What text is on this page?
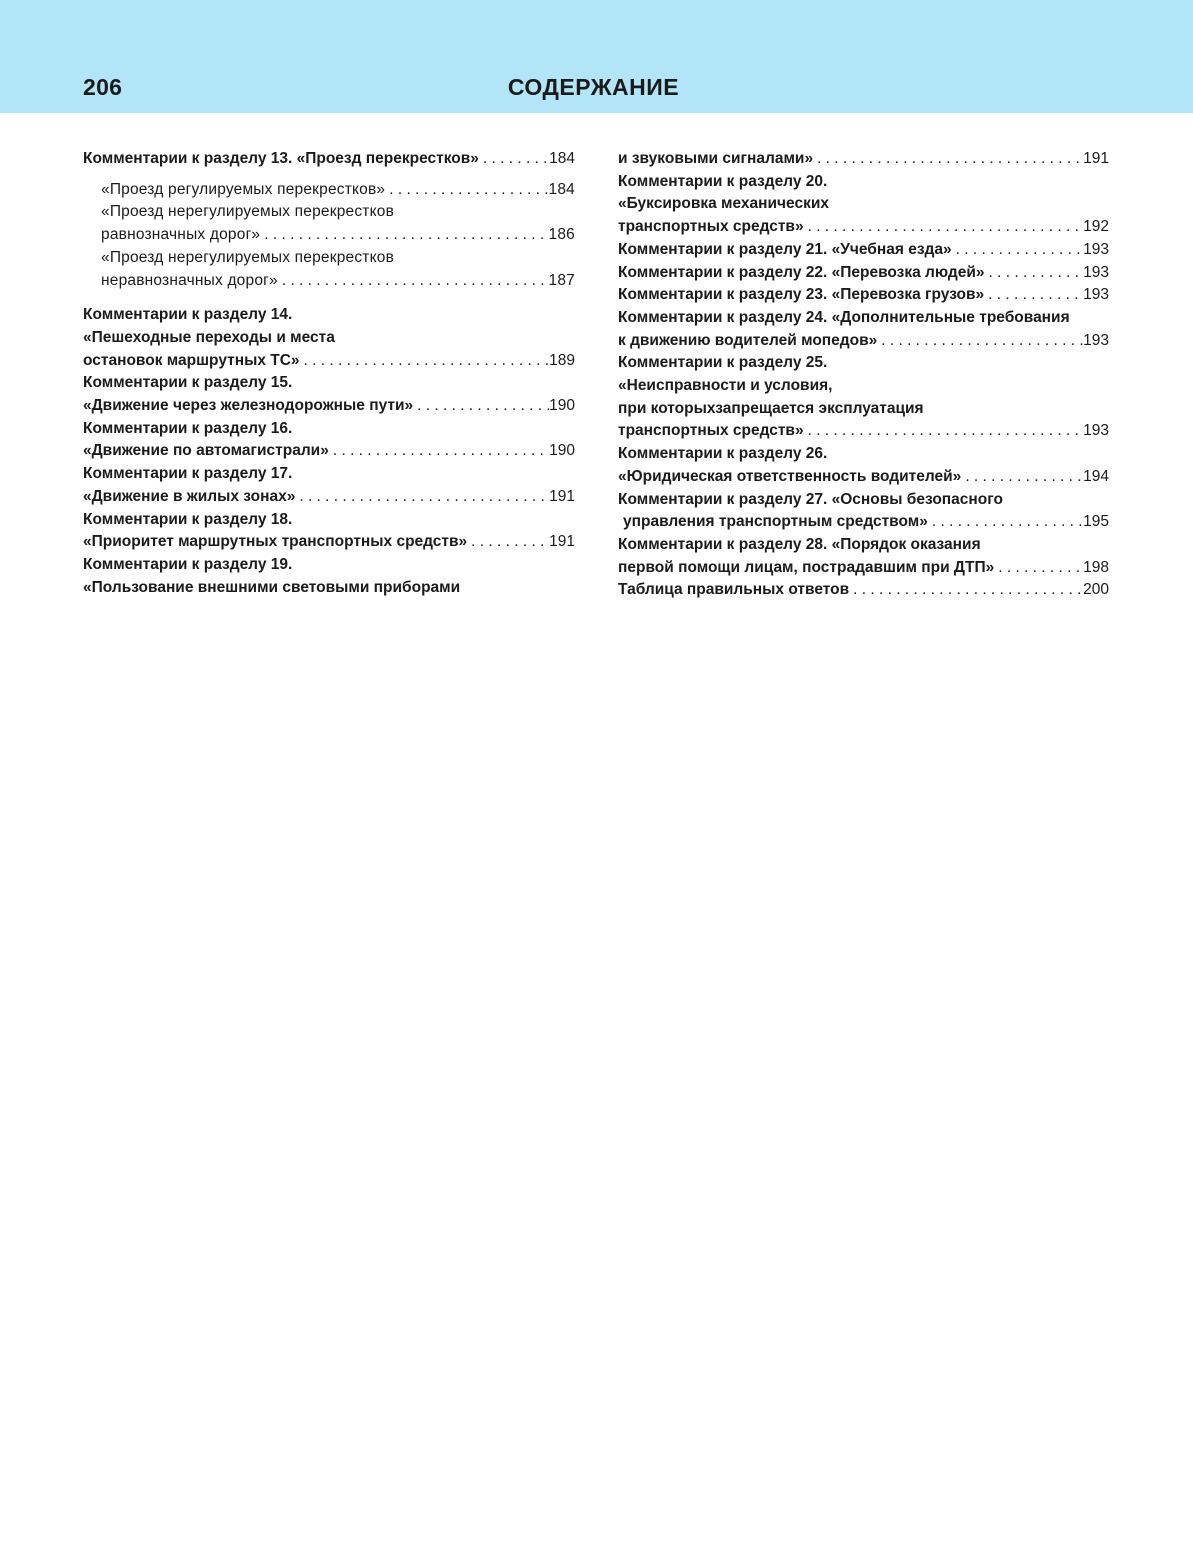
206	СОДЕРЖАНИЕ
Комментарии к разделу 13. «Проезд перекрестков» . . .	184
«Проезд регулируемых перекрестков» . . .	184
«Проезд нерегулируемых перекрестков
равнозначных дорог» . . .	186
«Проезд нерегулируемых перекрестков
неравнозначных дорог» . . .	187
Комментарии к разделу 14.
«Пешеходные переходы и места
остановок маршрутных ТС» . . .	189
Комментарии к разделу 15.
«Движение через железнодорожные пути» . . .	190
Комментарии к разделу 16.
«Движение по автомагистрали» . . .	190
Комментарии к разделу 17.
«Движение в жилых зонах» . . .	191
Комментарии к разделу 18.
«Приоритет маршрутных транспортных средств» . . .	191
Комментарии к разделу 19.
«Пользование внешними световыми приборами
и звуковыми сигналами» . . .	191
Комментарии к разделу 20.
«Буксировка механических
транспортных средств» . . .	192
Комментарии к разделу 21. «Учебная езда» . . .	193
Комментарии к разделу 22. «Перевозка людей» . . .	193
Комментарии к разделу 23. «Перевозка грузов» . . .	193
Комментарии к разделу 24. «Дополнительные требования
к движению водителей мопедов» . . .	193
Комментарии к разделу 25.
«Неисправности и условия,
при которыхзапрещается эксплуатация
транспортных средств» . . .	193
Комментарии к разделу 26.
«Юридическая ответственность водителей» . . .	194
Комментарии к разделу 27. «Основы безопасного
управления транспортным средством» . . .	195
Комментарии к разделу 28. «Порядок оказания
первой помощи лицам, пострадавшим при ДТП» . . .	198
Таблица правильных ответов . . .	200
